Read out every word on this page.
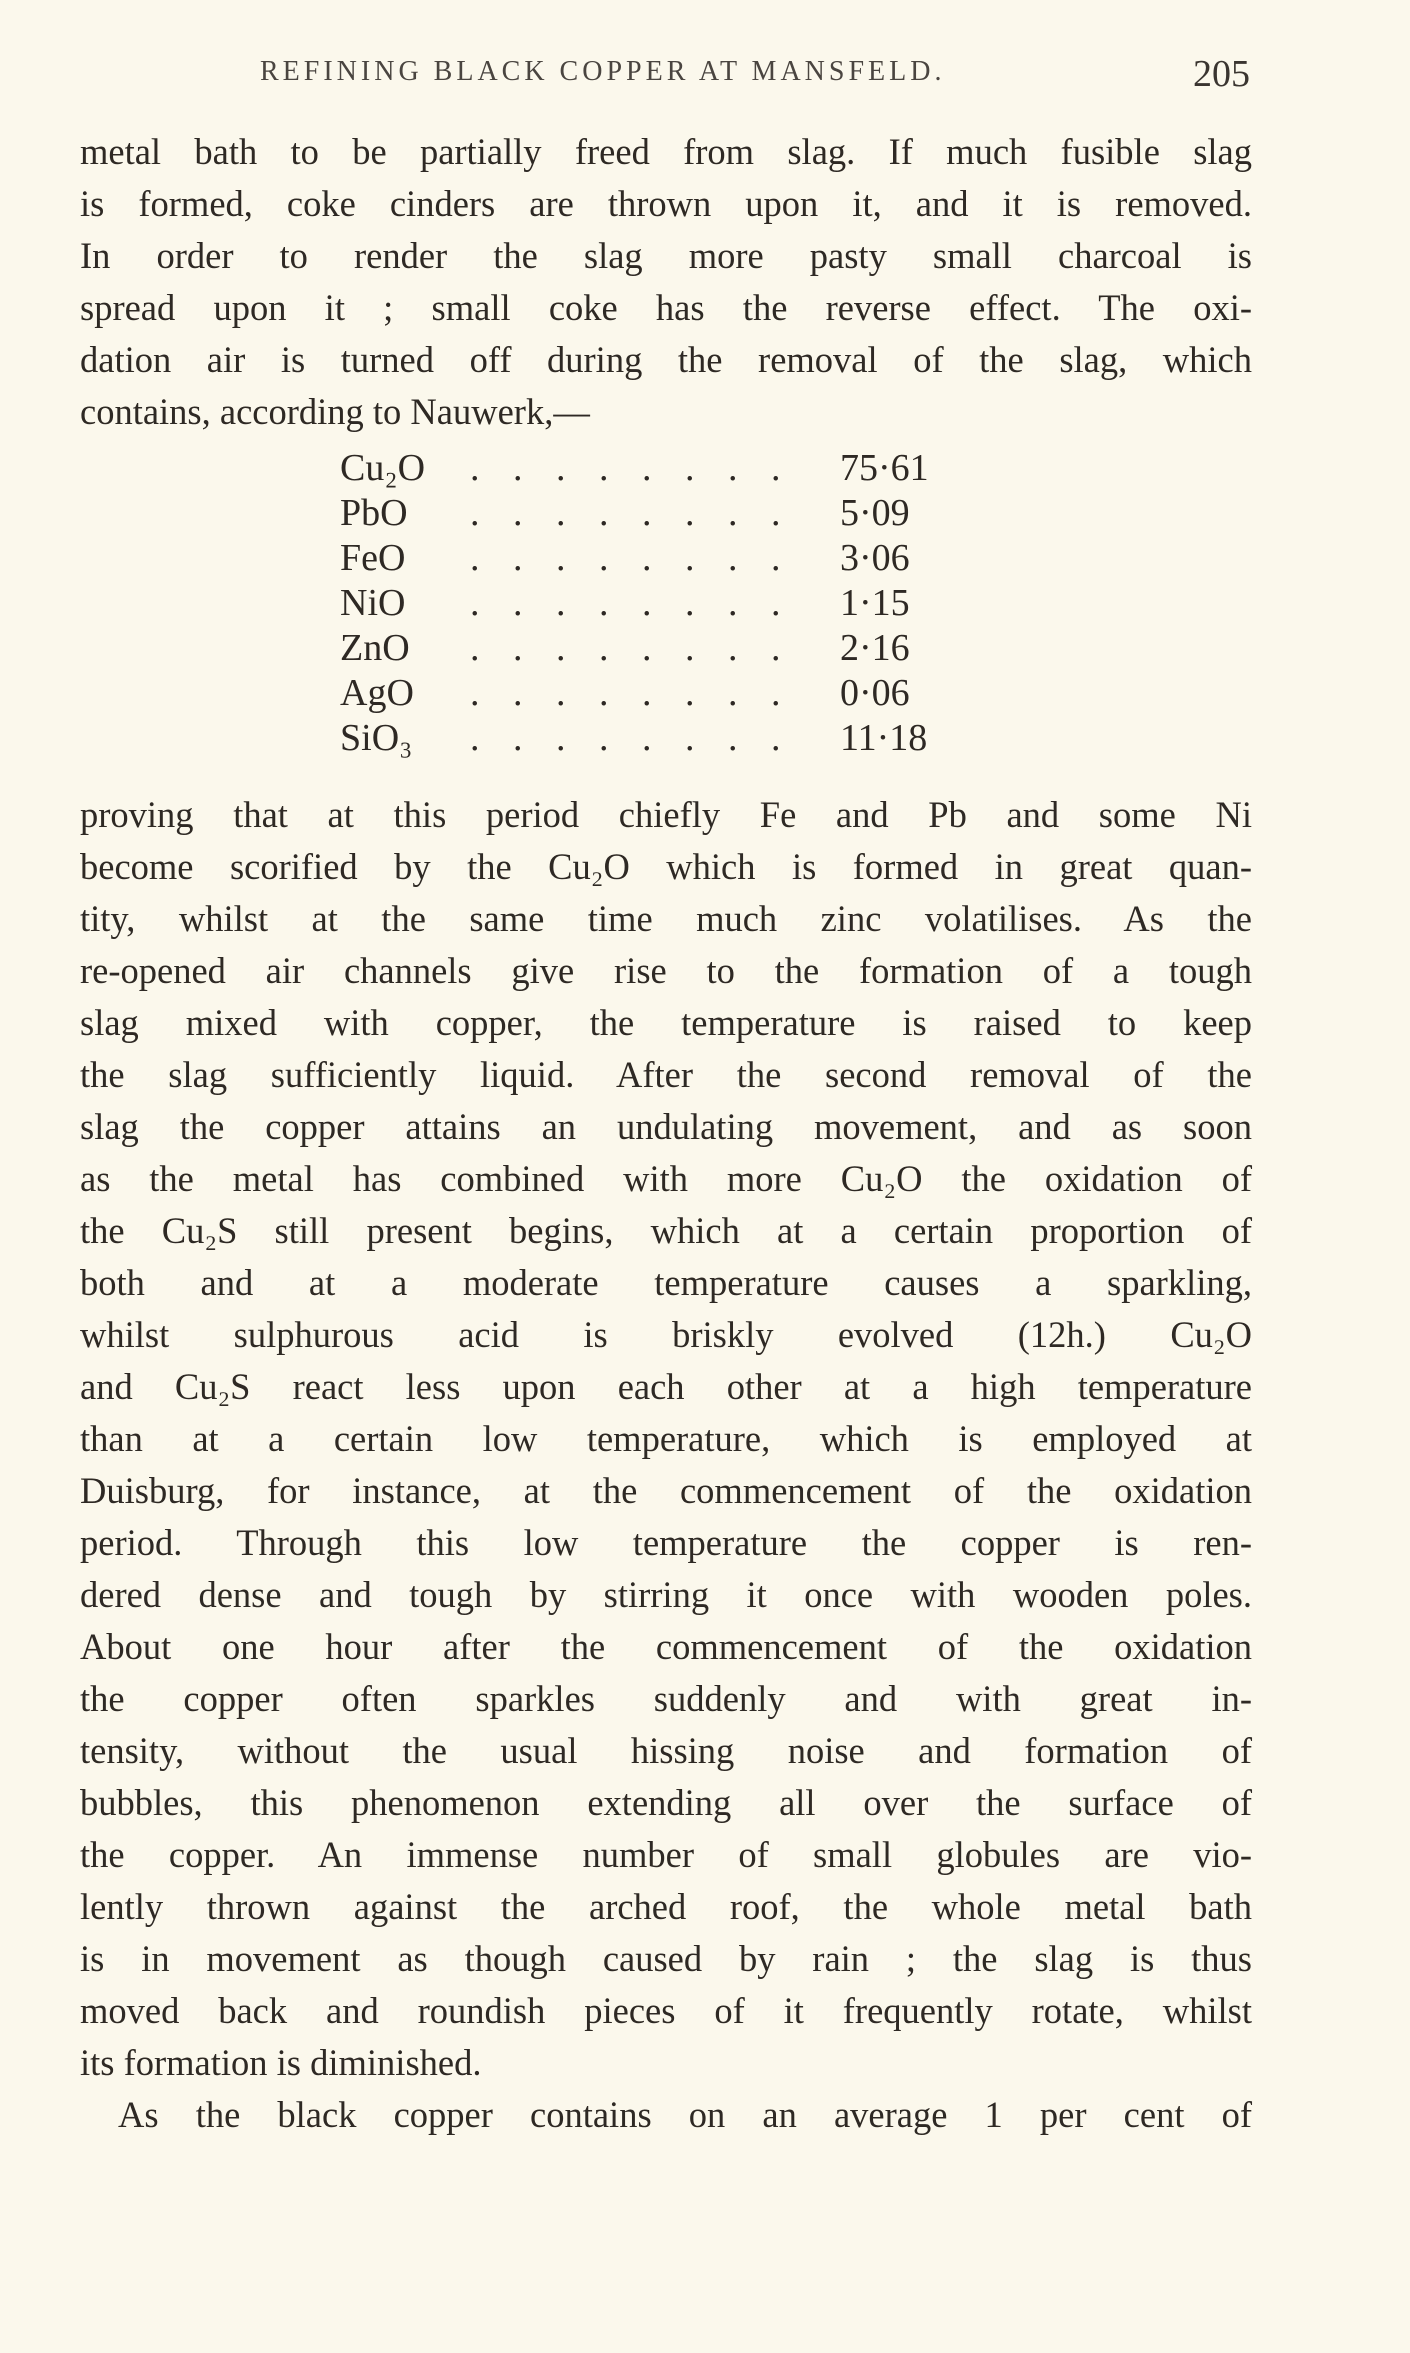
REFINING BLACK COPPER AT MANSFELD.	205
metal bath to be partially freed from slag. If much fusible slag
is formed, coke cinders are thrown upon it, and it is removed.
In order to render the slag more pasty small charcoal is
spread upon it ; small coke has the reverse effect. The oxi-
dation air is turned off during the removal of the slag, which
contains, according to Nauwerk,—
Cu₂O	. . . . . . . .	75·61
PbO	. . . . . . . .	5·09
FeO	. . . . . . . .	3·06
NiO	. . . . . . . .	1·15
ZnO	. . . . . . . .	2·16
AgO	. . . . . . . .	0·06
SiO₃	. . . . . . . .	11·18
proving that at this period chiefly Fe and Pb and some Ni
become scorified by the Cu₂O which is formed in great quan-
tity, whilst at the same time much zinc volatilises. As the
re-opened air channels give rise to the formation of a tough
slag mixed with copper, the temperature is raised to keep
the slag sufficiently liquid. After the second removal of the
slag the copper attains an undulating movement, and as soon
as the metal has combined with more Cu₂O the oxidation of
the Cu₂S still present begins, which at a certain proportion of
both and at a moderate temperature causes a sparkling,
whilst sulphurous acid is briskly evolved (12h.) Cu₂O
and Cu₂S react less upon each other at a high temperature
than at a certain low temperature, which is employed at
Duisburg, for instance, at the commencement of the oxidation
period. Through this low temperature the copper is ren-
dered dense and tough by stirring it once with wooden poles.
About one hour after the commencement of the oxidation
the copper often sparkles suddenly and with great in-
tensity, without the usual hissing noise and formation of
bubbles, this phenomenon extending all over the surface of
the copper. An immense number of small globules are vio-
lently thrown against the arched roof, the whole metal bath
is in movement as though caused by rain ; the slag is thus
moved back and roundish pieces of it frequently rotate, whilst
its formation is diminished.
As the black copper contains on an average 1 per cent of
